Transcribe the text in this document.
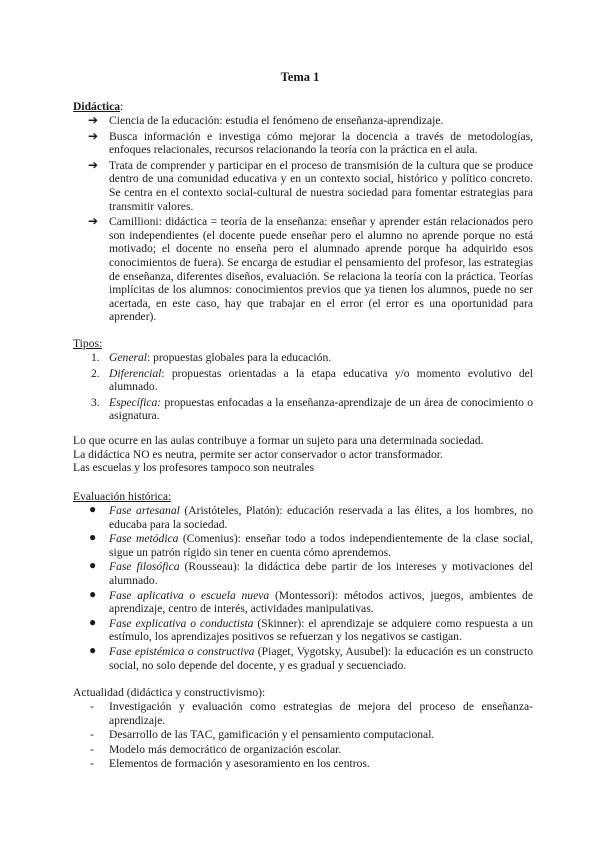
Tema 1
Didáctica:
➔ Ciencia de la educación: estudia el fenómeno de enseñanza-aprendizaje.
➔ Busca información e investiga cómo mejorar la docencia a través de metodologías, enfoques relacionales, recursos relacionando la teoría con la práctica en el aula.
➔ Trata de comprender y participar en el proceso de transmisión de la cultura que se produce dentro de una comunidad educativa y en un contexto social, histórico y político concreto. Se centra en el contexto social-cultural de nuestra sociedad para fomentar estrategias para transmitir valores.
➔ Camillioni: didáctica = teoría de la enseñanza: enseñar y aprender están relacionados pero son independientes (el docente puede enseñar pero el alumno no aprende porque no está motivado; el docente no enseña pero el alumnado aprende porque ha adquirido esos conocimientos de fuera). Se encarga de estudiar el pensamiento del profesor, las estrategias de enseñanza, diferentes diseños, evaluación. Se relaciona la teoría con la práctica. Teorías implícitas de los alumnos: conocimientos previos que ya tienen los alumnos, puede no ser acertada, en este caso, hay que trabajar en el error (el error es una oportunidad para aprender).
Tipos:
1. General: propuestas globales para la educación.
2. Diferencial: propuestas orientadas a la etapa educativa y/o momento evolutivo del alumnado.
3. Específica: propuestas enfocadas a la enseñanza-aprendizaje de un área de conocimiento o asignatura.

Lo que ocurre en las aulas contribuye a formar un sujeto para una determinada sociedad.

La didáctica NO es neutra, permite ser actor conservador o actor transformador.

Las escuelas y los profesores tampoco son neutrales

Evaluación histórica:
● Fase artesanal (Aristóteles, Platón): educación reservada a las élites, a los hombres, no educaba para la sociedad.
● Fase metódica (Comenius): enseñar todo a todos independientemente de la clase social, sigue un patrón rígido sin tener en cuenta cómo aprendemos.
● Fase filosófica (Rousseau): la didáctica debe partir de los intereses y motivaciones del alumnado.
● Fase aplicativa o escuela nueva (Montessori): métodos activos, juegos, ambientes de aprendizaje, centro de interés, actividades manipulativas.
● Fase explicativa o conductista (Skinner): el aprendizaje se adquiere como respuesta a un estímulo, los aprendizajes positivos se refuerzan y los negativos se castigan.
● Fase epistémica o constructiva (Piaget, Vygotsky, Ausubel): la educación es un constructo social, no solo depende del docente, y es gradual y secuenciado.
Actualidad (didáctica y constructivismo):
- Investigación y evaluación como estrategias de mejora del proceso de enseñanza-aprendizaje.
- Desarrollo de las TAC, gamificación y el pensamiento computacional.
- Modelo más democrático de organización escolar.
- Elementos de formación y asesoramiento en los centros.
